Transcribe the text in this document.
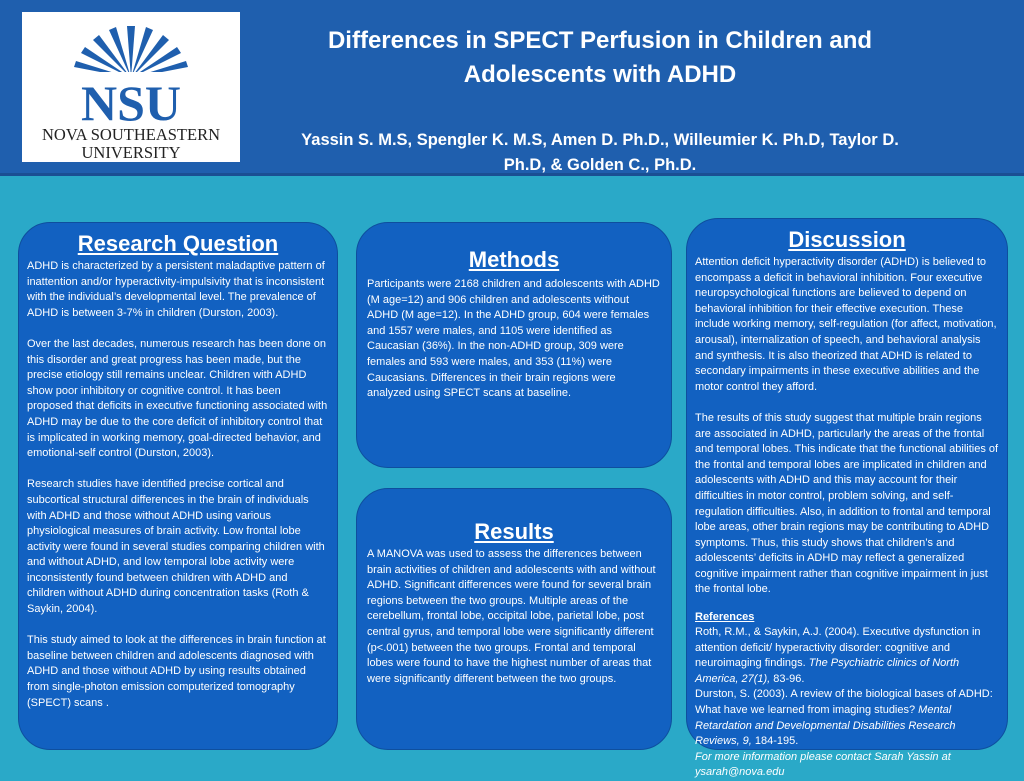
NSU
NOVA SOUTHEASTERN
UNIVERSITY
Differences in SPECT Perfusion in Children and
Adolescents with ADHD
Yassin S. M.S, Spengler K. M.S, Amen D. Ph.D., Willeumier K. Ph.D, Taylor D.
Ph.D, & Golden C., Ph.D.
Research Question

ADHD is characterized by a persistent maladaptive pattern of inattention and/or hyperactivity-impulsivity that is inconsistent with the individual’s developmental level. The prevalence of ADHD is between 3-7% in children (Durston, 2003).

Over the last decades, numerous research has been done on this disorder and great progress has been made, but the precise etiology still remains unclear. Children with ADHD show poor inhibitory or cognitive control. It has been proposed that deficits in executive functioning associated with ADHD may be due to the core deficit of inhibitory control that is implicated in working memory, goal-directed behavior, and emotional-self control (Durston, 2003).

Research studies have identified precise cortical and subcortical structural differences in the brain of individuals with ADHD and those without ADHD using various physiological measures of brain activity. Low frontal lobe activity were found in several studies comparing children with and without ADHD, and low temporal lobe activity were inconsistently found between children with ADHD and children without ADHD during concentration tasks (Roth & Saykin, 2004).

This study aimed to look at the differences in brain function at baseline between children and adolescents diagnosed with ADHD and those without ADHD by using results obtained from single-photon emission computerized tomography (SPECT) scans .

Methods

Participants were 2168 children and adolescents with ADHD (M age=12) and 906 children and adolescents without ADHD (M age=12). In the ADHD group, 604 were females and 1557 were males, and 1105 were identified as Caucasian (36%). In the non-ADHD group, 309 were females and 593 were males, and 353 (11%) were Caucasians. Differences in their brain regions were analyzed using SPECT scans at baseline.

Results

A MANOVA was used to assess the differences between brain activities of children and adolescents with and without ADHD. Significant differences were found for several brain regions between the two groups. Multiple areas of the cerebellum, frontal lobe, occipital lobe, parietal lobe, post central gyrus, and temporal lobe were significantly different (p<.001) between the two groups. Frontal and temporal lobes were found to have the highest number of areas that were significantly different between the two groups.

Discussion

Attention deficit hyperactivity disorder (ADHD) is believed to encompass a deficit in behavioral inhibition. Four executive neuropsychological functions are believed to depend on behavioral inhibition for their effective execution. These include working memory, self-regulation (for affect, motivation, arousal), internalization of speech, and behavioral analysis and synthesis. It is also theorized that ADHD is related to secondary impairments in these executive abilities and the motor control they afford.

The results of this study suggest that multiple brain regions are associated in ADHD, particularly the areas of the frontal and temporal lobes. This indicate that the functional abilities of the frontal and temporal lobes are implicated in children and adolescents with ADHD and this may account for their difficulties in motor control, problem solving, and self-regulation difficulties. Also, in addition to frontal and temporal lobe areas, other brain regions may be contributing to ADHD symptoms. Thus, this study shows that children’s and adolescents’ deficits in ADHD may reflect a generalized cognitive impairment rather than cognitive impairment in just the frontal lobe.

References

Roth, R.M., & Saykin, A.J. (2004). Executive dysfunction in attention deficit/ hyperactivity disorder: cognitive and neuroimaging findings. The Psychiatric clinics of North America, 27(1), 83-96.

Durston, S. (2003). A review of the biological bases of ADHD: What have we learned from imaging studies? Mental Retardation and Developmental Disabilities Research Reviews, 9, 184-195.

For more information please contact Sarah Yassin at ysarah@nova.edu
